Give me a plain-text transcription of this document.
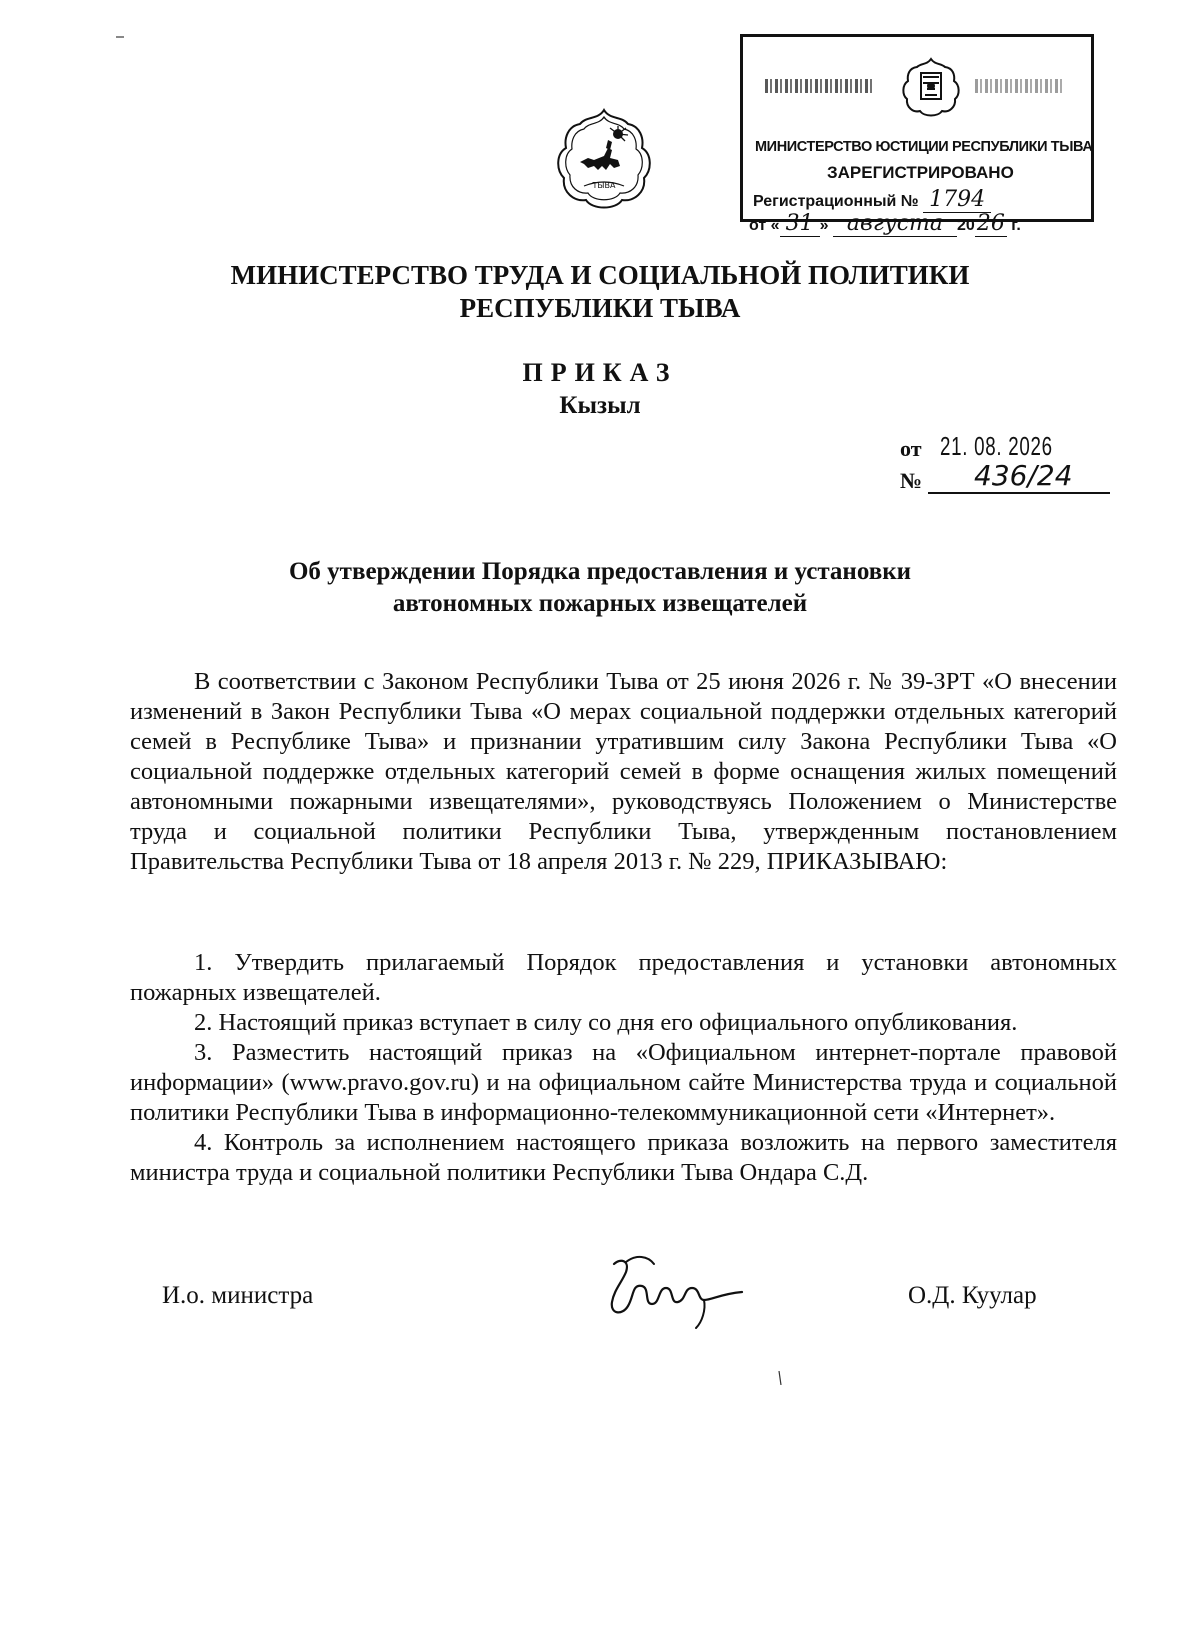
ТЫВА
МИНИСТЕРСТВО ЮСТИЦИИ РЕСПУБЛИКИ ТЫВА
ЗАРЕГИСТРИРОВАНО
Регистрационный № 1794
от « 31 » августа 2026 г.
МИНИСТЕРСТВО ТРУДА И СОЦИАЛЬНОЙ ПОЛИТИКИ
РЕСПУБЛИКИ ТЫВА
ПРИКАЗ
Кызыл
от 21. 08. 2026
№ 436/24
Об утверждении Порядка предоставления и установки
автономных пожарных извещателей
В соответствии с Законом Республики Тыва от 25 июня 2026 г. № 39-ЗРТ «О внесении изменений в Закон Республики Тыва «О мерах социальной поддержки отдельных категорий семей в Республике Тыва» и признании утратившим силу Закона Республики Тыва «О социальной поддержке отдельных категорий семей в форме оснащения жилых помещений автономными пожарными извещателями», руководствуясь Положением о Министерстве труда и социальной политики Республики Тыва, утвержденным постановлением Правительства Республики Тыва от 18 апреля 2013 г. № 229, ПРИКАЗЫВАЮ:

1. Утвердить прилагаемый Порядок предоставления и установки автономных пожарных извещателей.

2. Настоящий приказ вступает в силу со дня его официального опубликования.

3. Разместить настоящий приказ на «Официальном интернет-портале правовой информации» (www.pravo.gov.ru) и на официальном сайте Министерства труда и социальной политики Республики Тыва в информационно-телекоммуникационной сети «Интернет».

4. Контроль за исполнением настоящего приказа возложить на первого заместителя министра труда и социальной политики Республики Тыва Ондара С.Д.

И.о. министра	О.Д. Куулар
